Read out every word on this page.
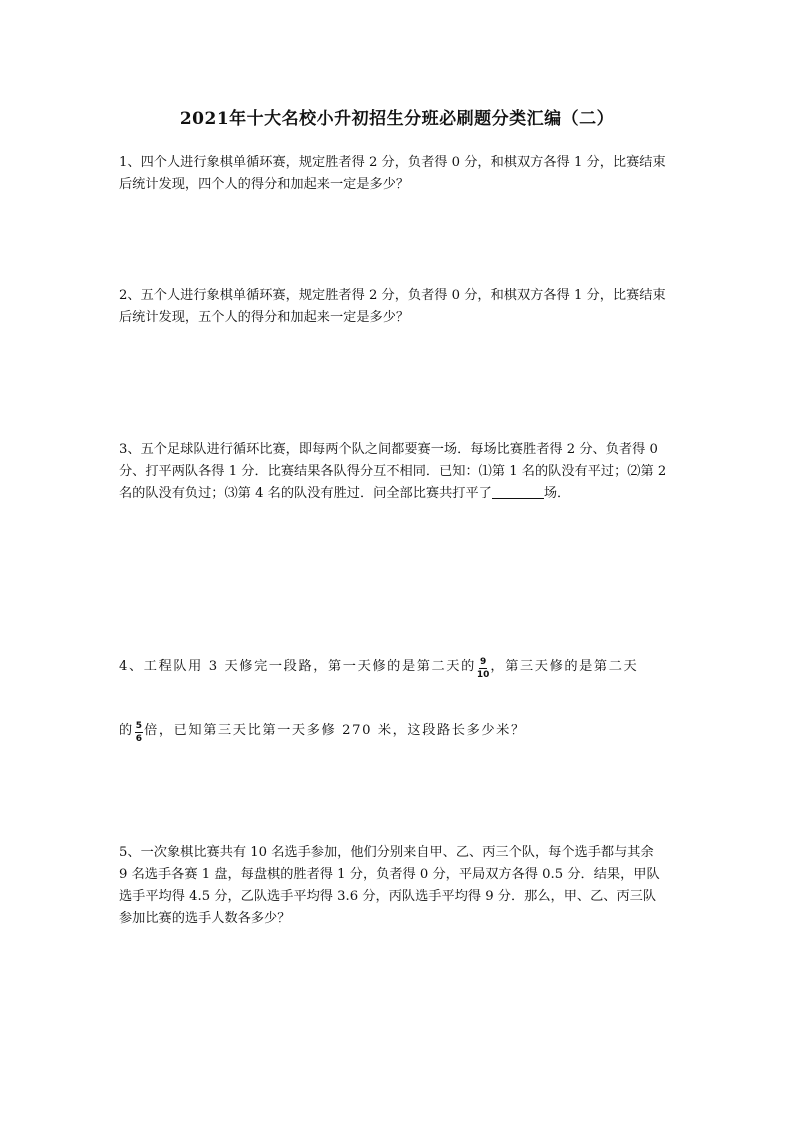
2021年十大名校小升初招生分班必刷题分类汇编（二）

1、四个人进行象棋单循环赛，规定胜者得 2 分，负者得 0 分，和棋双方各得 1 分，比赛结束

后统计发现，四个人的得分和加起来一定是多少？

2、五个人进行象棋单循环赛，规定胜者得 2 分，负者得 0 分，和棋双方各得 1 分，比赛结束

后统计发现，五个人的得分和加起来一定是多少？

3、五个足球队进行循环比赛，即每两个队之间都要赛一场．每场比赛胜者得 2 分、负者得 0

分、打平两队各得 1 分．比赛结果各队得分互不相同．已知：⑴第 1 名的队没有平过；⑵第 2

名的队没有负过；⑶第 4 名的队没有胜过．问全部比赛共打平了	场．

4、工程队用 3 天修完一段路，第一天修的是第二天的 $\frac{9}{10}$ ，第三天修的是第二天

的 $\frac{5}{6}$ 倍，已知第三天比第一天多修 270 米，这段路长多少米？

5、一次象棋比赛共有 10 名选手参加，他们分别来自甲、乙、丙三个队，每个选手都与其余

9 名选手各赛 1 盘，每盘棋的胜者得 1 分，负者得 0 分，平局双方各得 0.5 分．结果，甲队

选手平均得 4.5 分，乙队选手平均得 3.6 分，丙队选手平均得 9 分．那么，甲、乙、丙三队

参加比赛的选手人数各多少？
